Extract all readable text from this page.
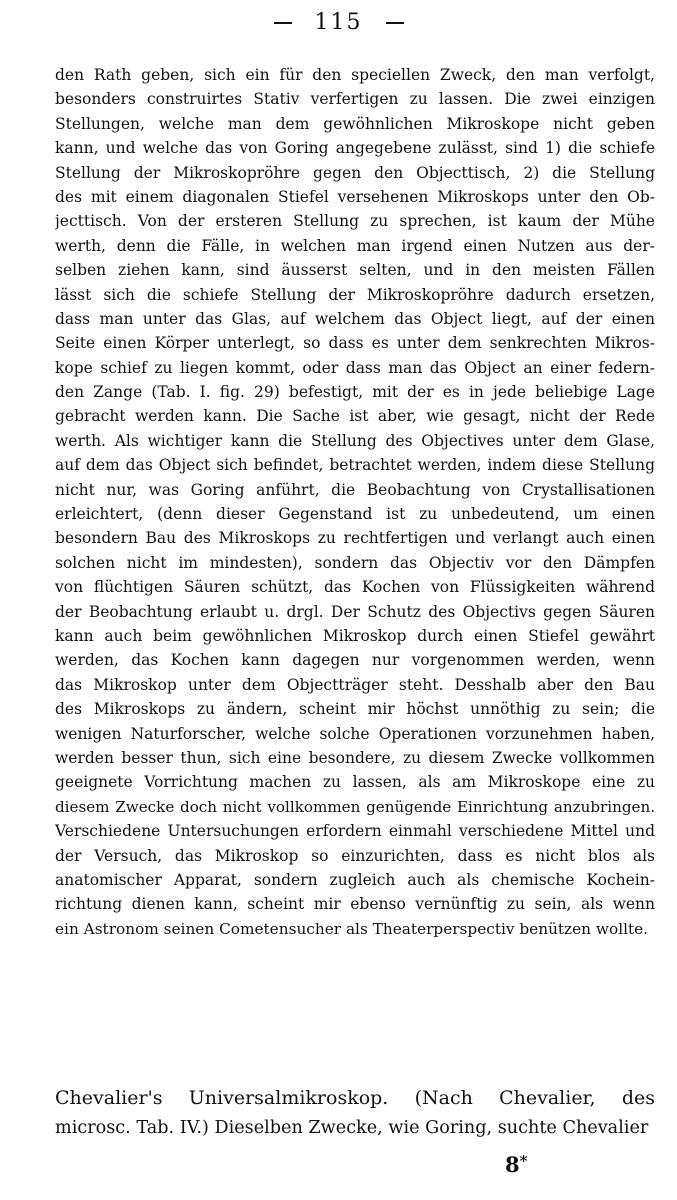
115
den Rath geben, sich ein für den speciellen Zweck, den man verfolgt,
besonders construirtes Stativ verfertigen zu lassen. Die zwei einzigen
Stellungen, welche man dem gewöhnlichen Mikroskope nicht geben
kann, und welche das von Goring angegebene zulässt, sind 1) die schiefe
Stellung der Mikroskopröhre gegen den Objecttisch, 2) die Stellung
des mit einem diagonalen Stiefel versehenen Mikroskops unter den Ob-
jecttisch. Von der ersteren Stellung zu sprechen, ist kaum der Mühe
werth, denn die Fälle, in welchen man irgend einen Nutzen aus der-
selben ziehen kann, sind äusserst selten, und in den meisten Fällen
lässt sich die schiefe Stellung der Mikroskopröhre dadurch ersetzen,
dass man unter das Glas, auf welchem das Object liegt, auf der einen
Seite einen Körper unterlegt, so dass es unter dem senkrechten Mikros-
kope schief zu liegen kommt, oder dass man das Object an einer federn-
den Zange (Tab. I. fig. 29) befestigt, mit der es in jede beliebige Lage
gebracht werden kann. Die Sache ist aber, wie gesagt, nicht der Rede
werth. Als wichtiger kann die Stellung des Objectives unter dem Glase,
auf dem das Object sich befindet, betrachtet werden, indem diese Stellung
nicht nur, was Goring anführt, die Beobachtung von Crystallisationen
erleichtert, (denn dieser Gegenstand ist zu unbedeutend, um einen
besondern Bau des Mikroskops zu rechtfertigen und verlangt auch einen
solchen nicht im mindesten), sondern das Objectiv vor den Dämpfen
von flüchtigen Säuren schützt, das Kochen von Flüssigkeiten während
der Beobachtung erlaubt u. drgl. Der Schutz des Objectivs gegen Säuren
kann auch beim gewöhnlichen Mikroskop durch einen Stiefel gewährt
werden, das Kochen kann dagegen nur vorgenommen werden, wenn
das Mikroskop unter dem Objectträger steht. Desshalb aber den Bau
des Mikroskops zu ändern, scheint mir höchst unnöthig zu sein; die
wenigen Naturforscher, welche solche Operationen vorzunehmen haben,
werden besser thun, sich eine besondere, zu diesem Zwecke vollkommen
geeignete Vorrichtung machen zu lassen, als am Mikroskope eine zu
diesem Zwecke doch nicht vollkommen genügende Einrichtung anzubringen.
Verschiedene Untersuchungen erfordern einmahl verschiedene Mittel und
der Versuch, das Mikroskop so einzurichten, dass es nicht blos als
anatomischer Apparat, sondern zugleich auch als chemische Kochein-
richtung dienen kann, scheint mir ebenso vernünftig zu sein, als wenn
ein Astronom seinen Cometensucher als Theaterperspectiv benützen wollte.
Chevalier's Universalmikroskop. (Nach Chevalier, des
microsc. Tab. IV.) Dieselben Zwecke, wie Goring, suchte Chevalier
8*
